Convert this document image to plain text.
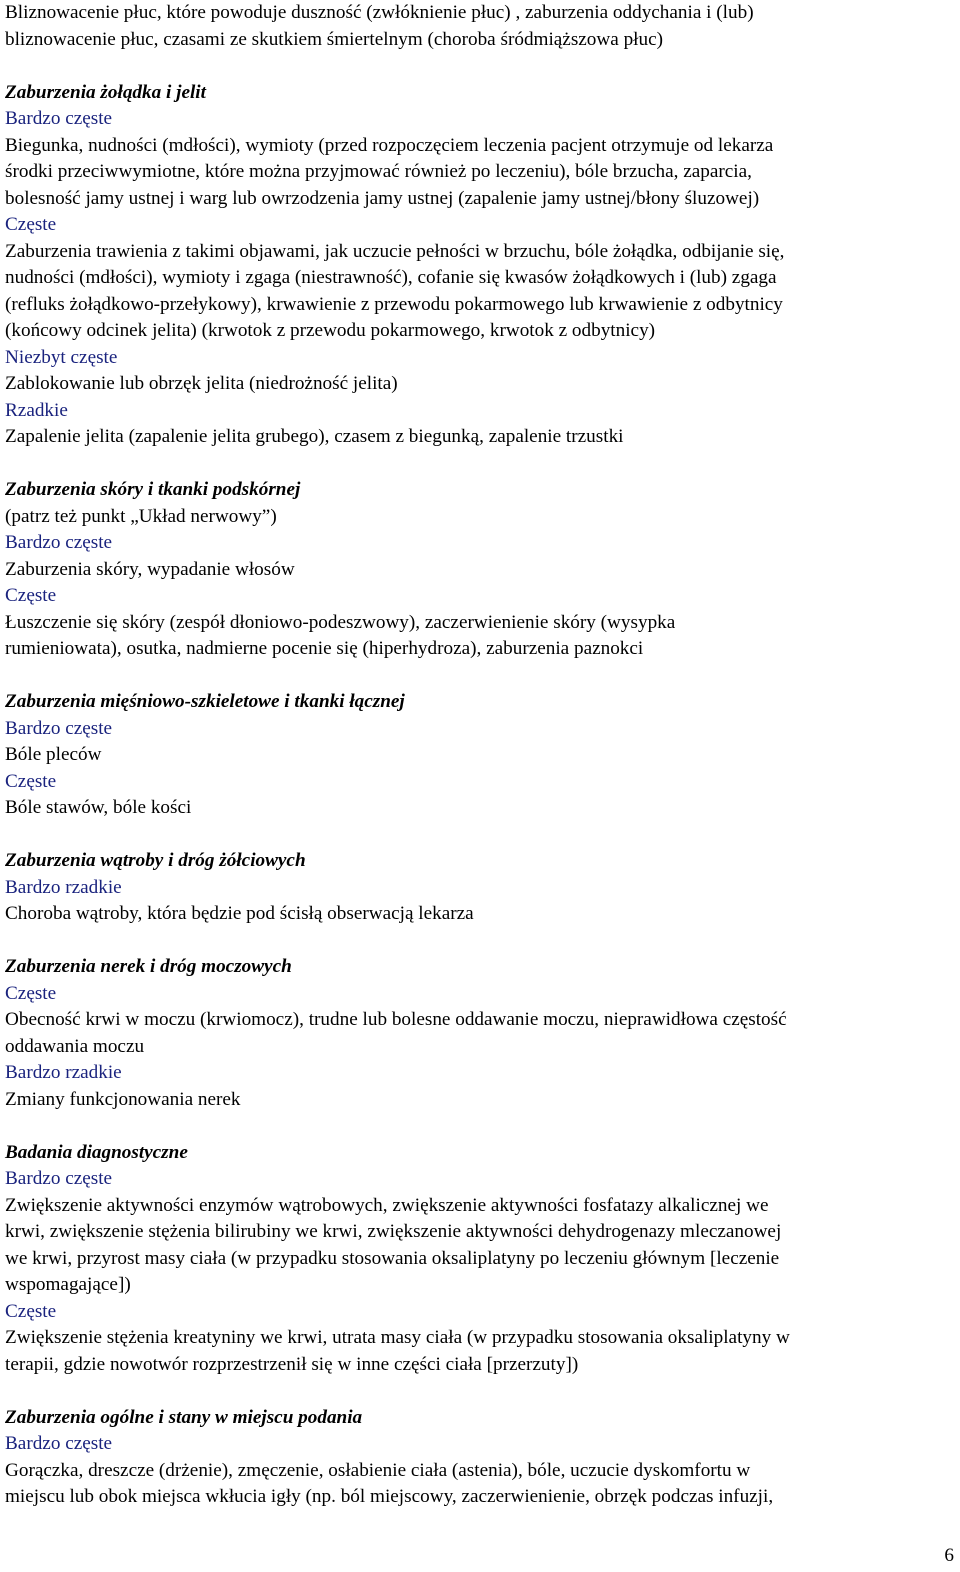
Bliznowacenie płuc, które powoduje duszność (zwłóknienie płuc) , zaburzenia oddychania i (lub)
bliznowacenie płuc, czasami ze skutkiem śmiertelnym (choroba śródmiąższowa płuc)
Zaburzenia żołądka i jelit
Bardzo częste
Biegunka, nudności (mdłości), wymioty (przed rozpoczęciem leczenia pacjent otrzymuje od lekarza
środki przeciwwymiotne, które można przyjmować również po leczeniu), bóle brzucha, zaparcia,
bolesność jamy ustnej i warg lub owrzodzenia jamy ustnej (zapalenie jamy ustnej/błony śluzowej)
Częste
Zaburzenia trawienia z takimi objawami, jak uczucie pełności w brzuchu, bóle żołądka, odbijanie się,
nudności (mdłości), wymioty i zgaga (niestrawność), cofanie się kwasów żołądkowych i (lub) zgaga
(refluks żołądkowo-przełykowy), krwawienie z przewodu pokarmowego lub krwawienie z odbytnicy
(końcowy odcinek jelita) (krwotok z przewodu pokarmowego, krwotok z odbytnicy)
Niezbyt częste
Zablokowanie lub obrzęk jelita (niedrożność jelita)
Rzadkie
Zapalenie jelita (zapalenie jelita grubego), czasem z biegunką, zapalenie trzustki
Zaburzenia skóry i tkanki podskórnej
(patrz też punkt „Układ nerwowy”)
Bardzo częste
Zaburzenia skóry, wypadanie włosów
Częste
Łuszczenie się skóry (zespół dłoniowo-podeszwowy), zaczerwienienie skóry (wysypka
rumieniowata), osutka, nadmierne pocenie się (hiperhydroza), zaburzenia paznokci
Zaburzenia mięśniowo-szkieletowe i tkanki łącznej
Bardzo częste
Bóle pleców
Częste
Bóle stawów, bóle kości
Zaburzenia wątroby i dróg żółciowych
Bardzo rzadkie
Choroba wątroby, która będzie pod ścisłą obserwacją lekarza
Zaburzenia nerek i dróg moczowych
Częste
Obecność krwi w moczu (krwiomocz), trudne lub bolesne oddawanie moczu, nieprawidłowa częstość
oddawania moczu
Bardzo rzadkie
Zmiany funkcjonowania nerek
Badania diagnostyczne
Bardzo częste
Zwiększenie aktywności enzymów wątrobowych, zwiększenie aktywności fosfatazy alkalicznej we
krwi, zwiększenie stężenia bilirubiny we krwi, zwiększenie aktywności dehydrogenazy mleczanowej
we krwi, przyrost masy ciała (w przypadku stosowania oksaliplatyny po leczeniu głównym [leczenie
wspomagające])
Częste
Zwiększenie stężenia kreatyniny we krwi, utrata masy ciała (w przypadku stosowania oksaliplatyny w
terapii, gdzie nowotwór rozprzestrzenił się w inne części ciała [przerzuty])
Zaburzenia ogólne i stany w miejscu podania
Bardzo częste
Gorączka, dreszcze (drżenie), zmęczenie, osłabienie ciała (astenia), bóle, uczucie dyskomfortu w
miejscu lub obok miejsca wkłucia igły (np. ból miejscowy, zaczerwienienie, obrzęk podczas infuzji,
6
